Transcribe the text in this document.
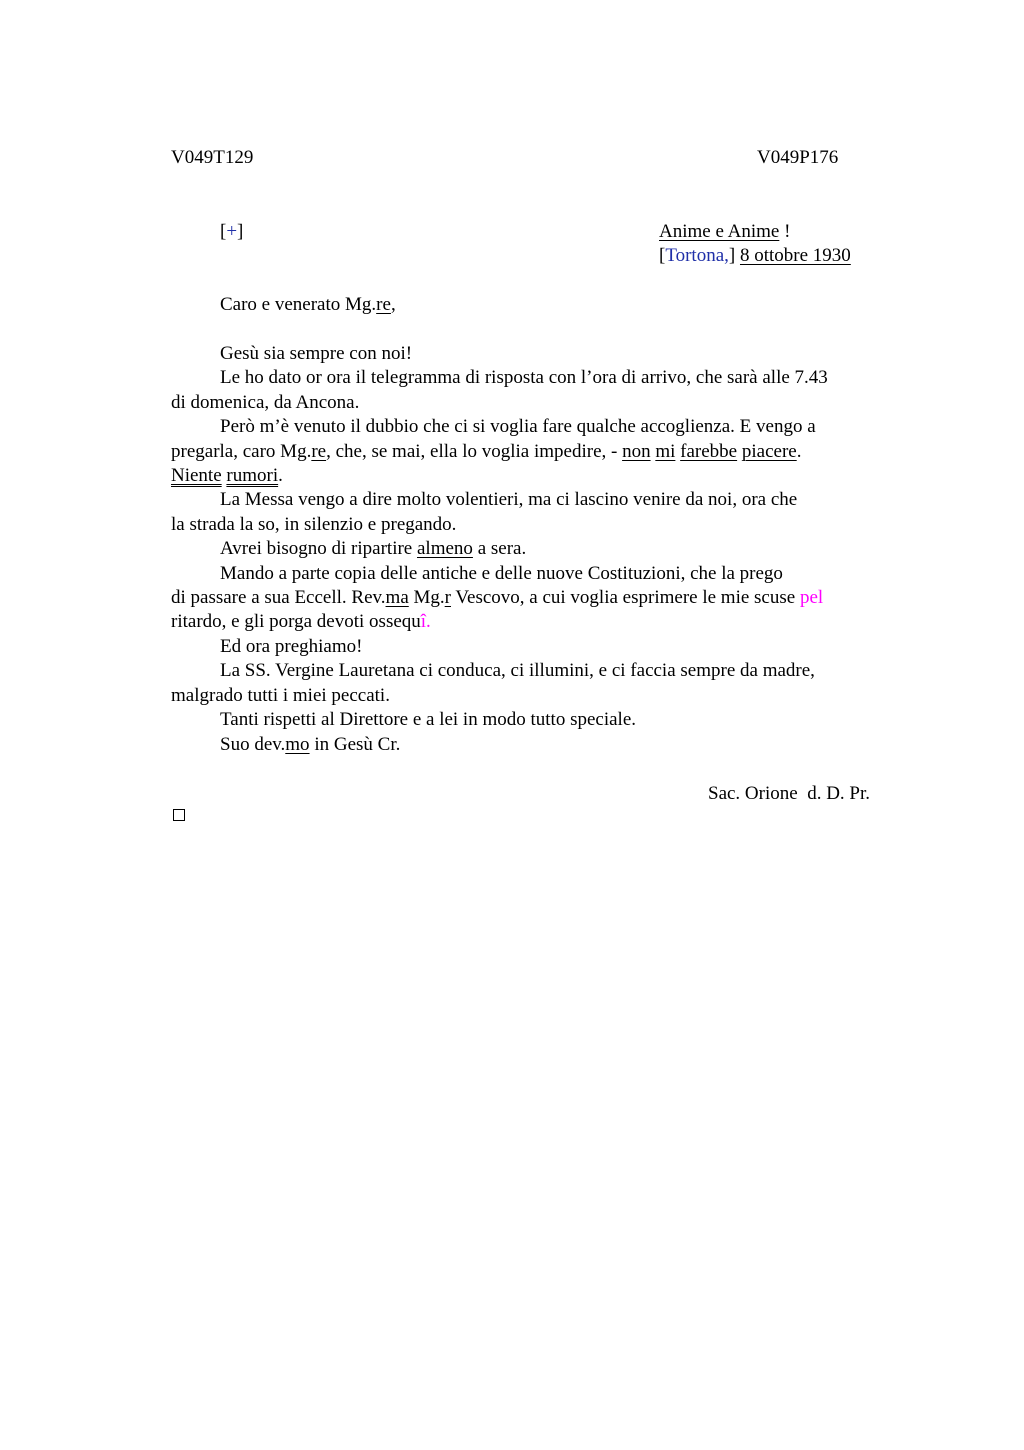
V049T129	V049P176
[+]	Anime e Anime !
[Tortona,] 8 ottobre 1930
Caro e venerato Mg.re,
Gesù sia sempre con noi!
Le ho dato or ora il telegramma di risposta con l’ora di arrivo, che sarà alle 7.43
di domenica, da Ancona.
Però m’è venuto il dubbio che ci si voglia fare qualche accoglienza. E vengo a
pregarla, caro Mg.re, che, se mai, ella lo voglia impedire, - non mi farebbe piacere.
Niente rumori.
La Messa vengo a dire molto volentieri, ma ci lascino venire da noi, ora che
la strada la so, in silenzio e pregando.
Avrei bisogno di ripartire almeno a sera.
Mando a parte copia delle antiche e delle nuove Costituzioni, che la prego
di passare a sua Eccell. Rev.ma Mg.r Vescovo, a cui voglia esprimere le mie scuse pel
ritardo, e gli porga devoti ossequî.
Ed ora preghiamo!
La SS. Vergine Lauretana ci conduca, ci illumini, e ci faccia sempre da madre,
malgrado tutti i miei peccati.
Tanti rispetti al Direttore e a lei in modo tutto speciale.
Suo dev.mo in Gesù Cr.
Sac. Orione  d. D. Pr.
